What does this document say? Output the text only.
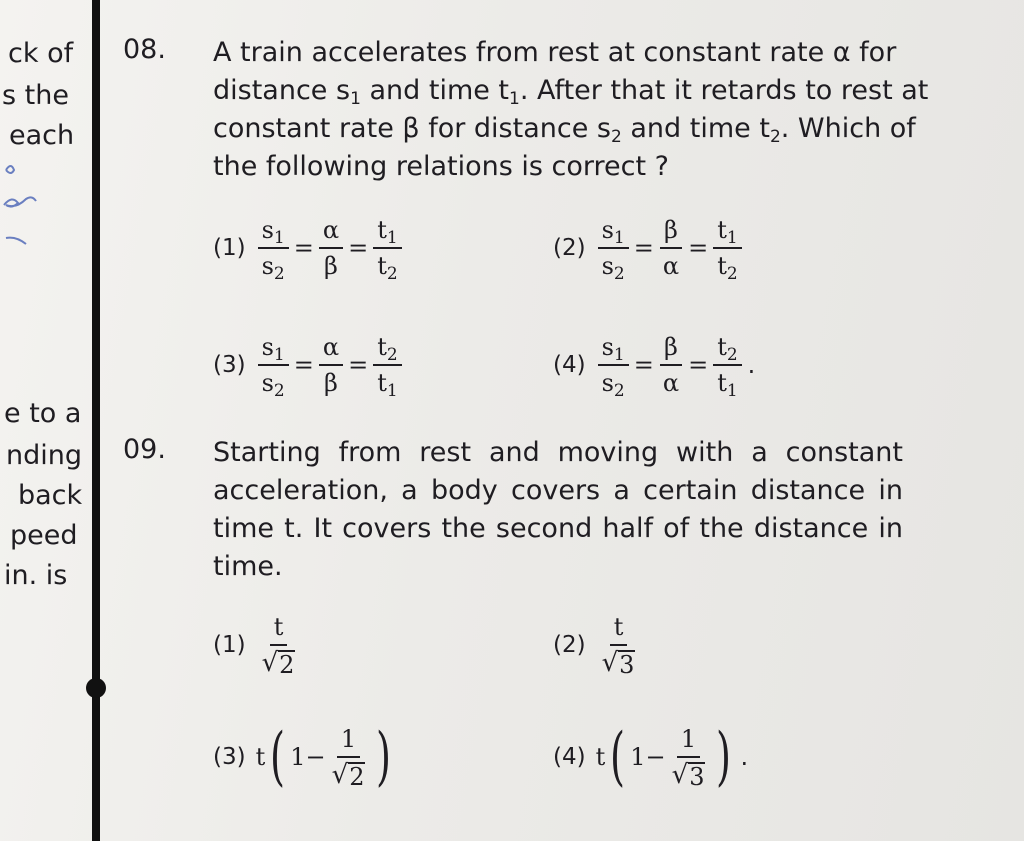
ck of
s the
each
e to a
nding
back
peed
in. is
08. A train accelerates from rest at constant rate α for
distance $s_1$ and time $t_1$. After that it retards to rest at
constant rate β for distance $s_2$ and time $t_2$. Which of
the following relations is correct ?
$(1) \frac{s_1}{s_2} = \frac{\alpha}{\beta} = \frac{t_1}{t_2}$	$(2) \frac{s_1}{s_2} = \frac{\beta}{\alpha} = \frac{t_1}{t_2}$
$(3) \frac{s_1}{s_2} = \frac{\alpha}{\beta} = \frac{t_2}{t_1}$	$(4) \frac{s_1}{s_2} = \frac{\beta}{\alpha} = \frac{t_2}{t_1}$ .
09. Starting from rest and moving with a constant
acceleration, a body covers a certain distance in
time t. It covers the second half of the distance in
time.
$(1) \frac{t}{√ 2}$	$(2) \frac{t}{√ 3}$
(3) t ( $1 - \frac{1}{√ 2}$ )	(4) t ( $1 - \frac{1}{√ 3}$ ) .
